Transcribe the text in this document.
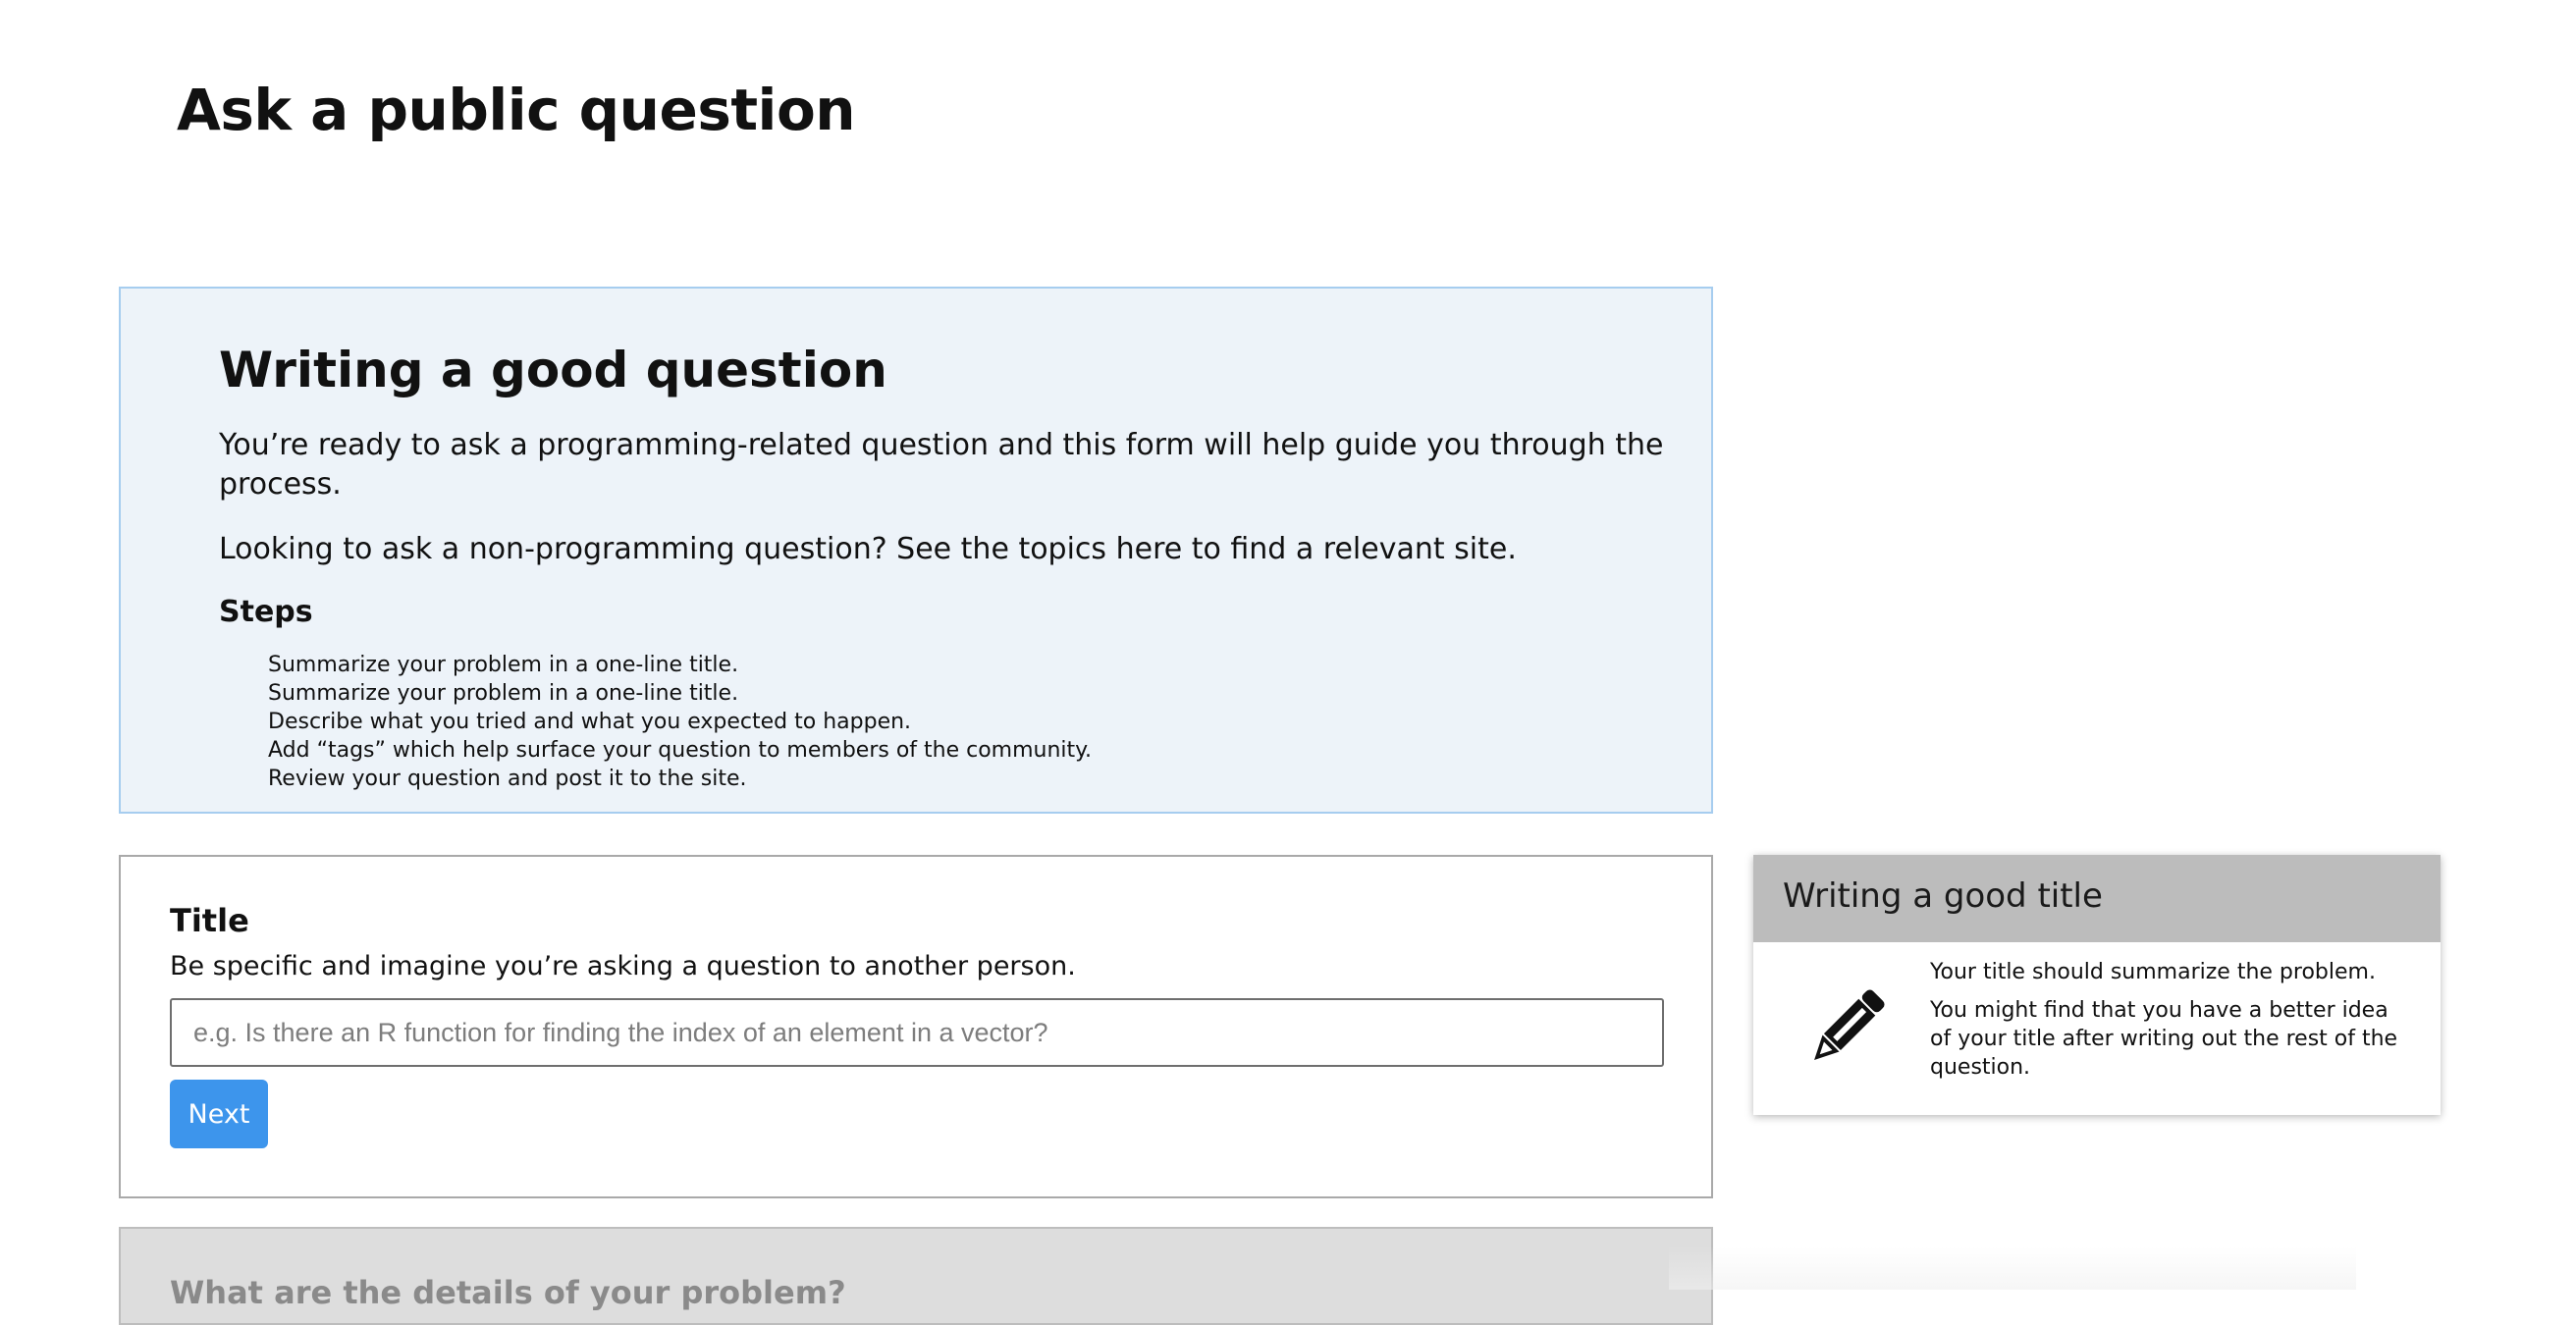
Ask a public question
Writing a good question

You’re ready to ask a programming-related question and this form will help guide you through the process.

Looking to ask a non-programming question? See the topics here to find a relevant site.

Steps
Summarize your problem in a one-line title.
Summarize your problem in a one-line title.
Describe what you tried and what you expected to happen.
Add “tags” which help surface your question to members of the community.
Review your question and post it to the site.
Title
Be specific and imagine you’re asking a question to another person.
e.g. Is there an R function for finding the index of an element in a vector? Next
What are the details of your problem?
Writing a good title

Your title should summarize the problem.

You might find that you have a better idea of your title after writing out the rest of the question.
